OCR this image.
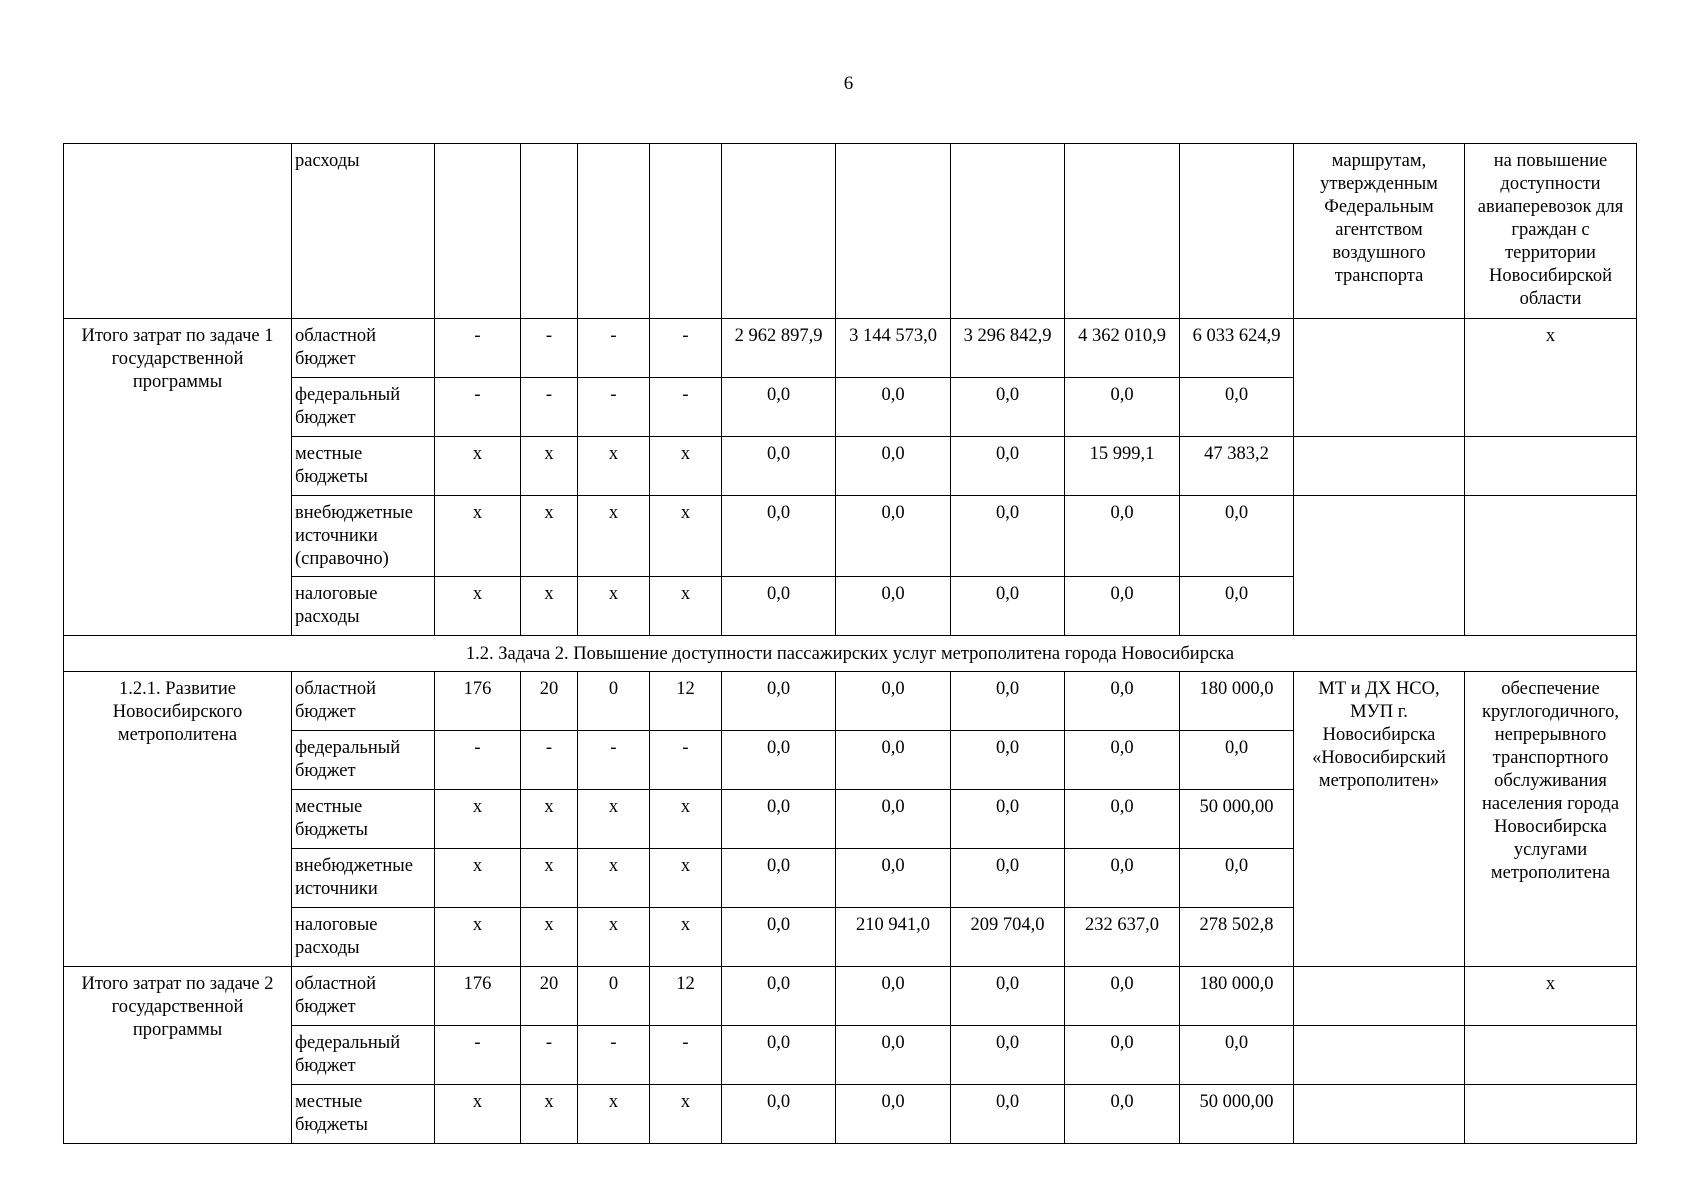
6
	расходы										маршрутам, утвержденным Федеральным агентством воздушного транспорта	на повышение доступности авиаперевозок для граждан с территории Новосибирской области
Итого затрат по задаче 1 государственной программы	областной бюджет	-	-	-	-	2 962 897,9	3 144 573,0	3 296 842,9	4 362 010,9	6 033 624,9		х
	федеральный бюджет	-	-	-	-	0,0	0,0	0,0	0,0	0,0		
	местные бюджеты	х	х	х	х	0,0	0,0	0,0	15 999,1	47 383,2		
	внебюджетные источники (справочно)	х	х	х	х	0,0	0,0	0,0	0,0	0,0		
	налоговые расходы	х	х	х	х	0,0	0,0	0,0	0,0	0,0		
1.2. Задача 2. Повышение доступности пассажирских услуг метрополитена города Новосибирска												
1.2.1. Развитие Новосибирского метрополитена	областной бюджет	176	20	0	12	0,0	0,0	0,0	0,0	180 000,0	МТ и ДХ НСО, МУП г. Новосибирска «Новосибирский метрополитен»	обеспечение круглогодичного, непрерывного транспортного обслуживания населения города Новосибирска услугами метрополитена
	федеральный бюджет	-	-	-	-	0,0	0,0	0,0	0,0	0,0		
	местные бюджеты	х	х	х	х	0,0	0,0	0,0	0,0	50 000,00		
	внебюджетные источники	х	х	х	х	0,0	0,0	0,0	0,0	0,0		
	налоговые расходы	х	х	х	х	0,0	210 941,0	209 704,0	232 637,0	278 502,8		
Итого затрат по задаче 2 государственной программы	областной бюджет	176	20	0	12	0,0	0,0	0,0	0,0	180 000,0		х
	федеральный бюджет	-	-	-	-	0,0	0,0	0,0	0,0	0,0		
	местные бюджеты	х	х	х	х	0,0	0,0	0,0	0,0	50 000,00		
